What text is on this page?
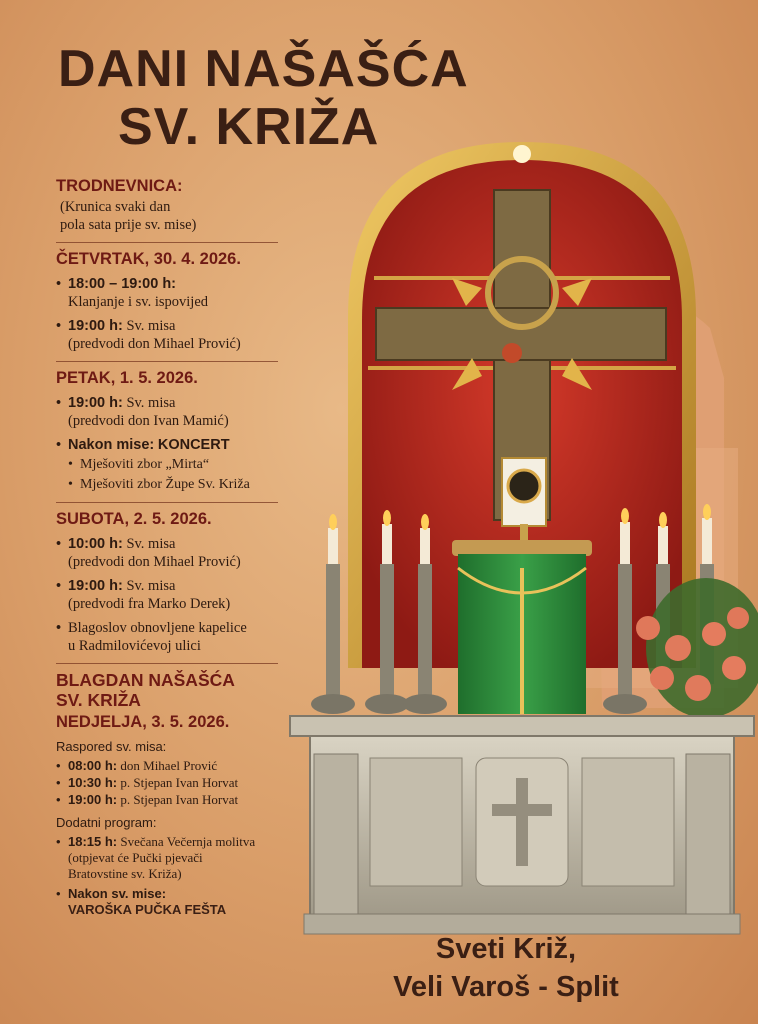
DANI NAŠAŠĆA
SV. KRIŽA

TRODNEVNICA:

(Krunica svaki dan
pola sata prije sv. mise)

ČETVRTAK, 30. 4. 2026.

• 18:00 – 19:00 h:
Klanjanje i sv. ispovijed
• 19:00 h: Sv. misa
(predvodi don Mihael Prović)

PETAK, 1. 5. 2026.

• 19:00 h: Sv. misa
(predvodi don Ivan Mamić)
• Nakon mise: KONCERT
• Mješoviti zbor „Mirta“
• Mješoviti zbor Župe Sv. Križa

SUBOTA, 2. 5. 2026.

• 10:00 h: Sv. misa
(predvodi don Mihael Prović)
• 19:00 h: Sv. misa
(predvodi fra Marko Derek)
• Blagoslov obnovljene kapelice
u Radmilovićevoj ulici

BLAGDAN NAŠAŠĆA

SV. KRIŽA

NEDJELJA, 3. 5. 2026.

Raspored sv. misa:
• 08:00 h: don Mihael Prović
• 10:30 h: p. Stjepan Ivan Horvat
• 19:00 h: p. Stjepan Ivan Horvat
Dodatni program:
• 18:15 h: Svečana Večernja molitva
(otpjevat će Pučki pjevači
Bratovstine sv. Križa)
• Nakon sv. mise:
VAROŠKA PUČKA FEŠTA
Sveti Križ,
Veli Varoš - Split
